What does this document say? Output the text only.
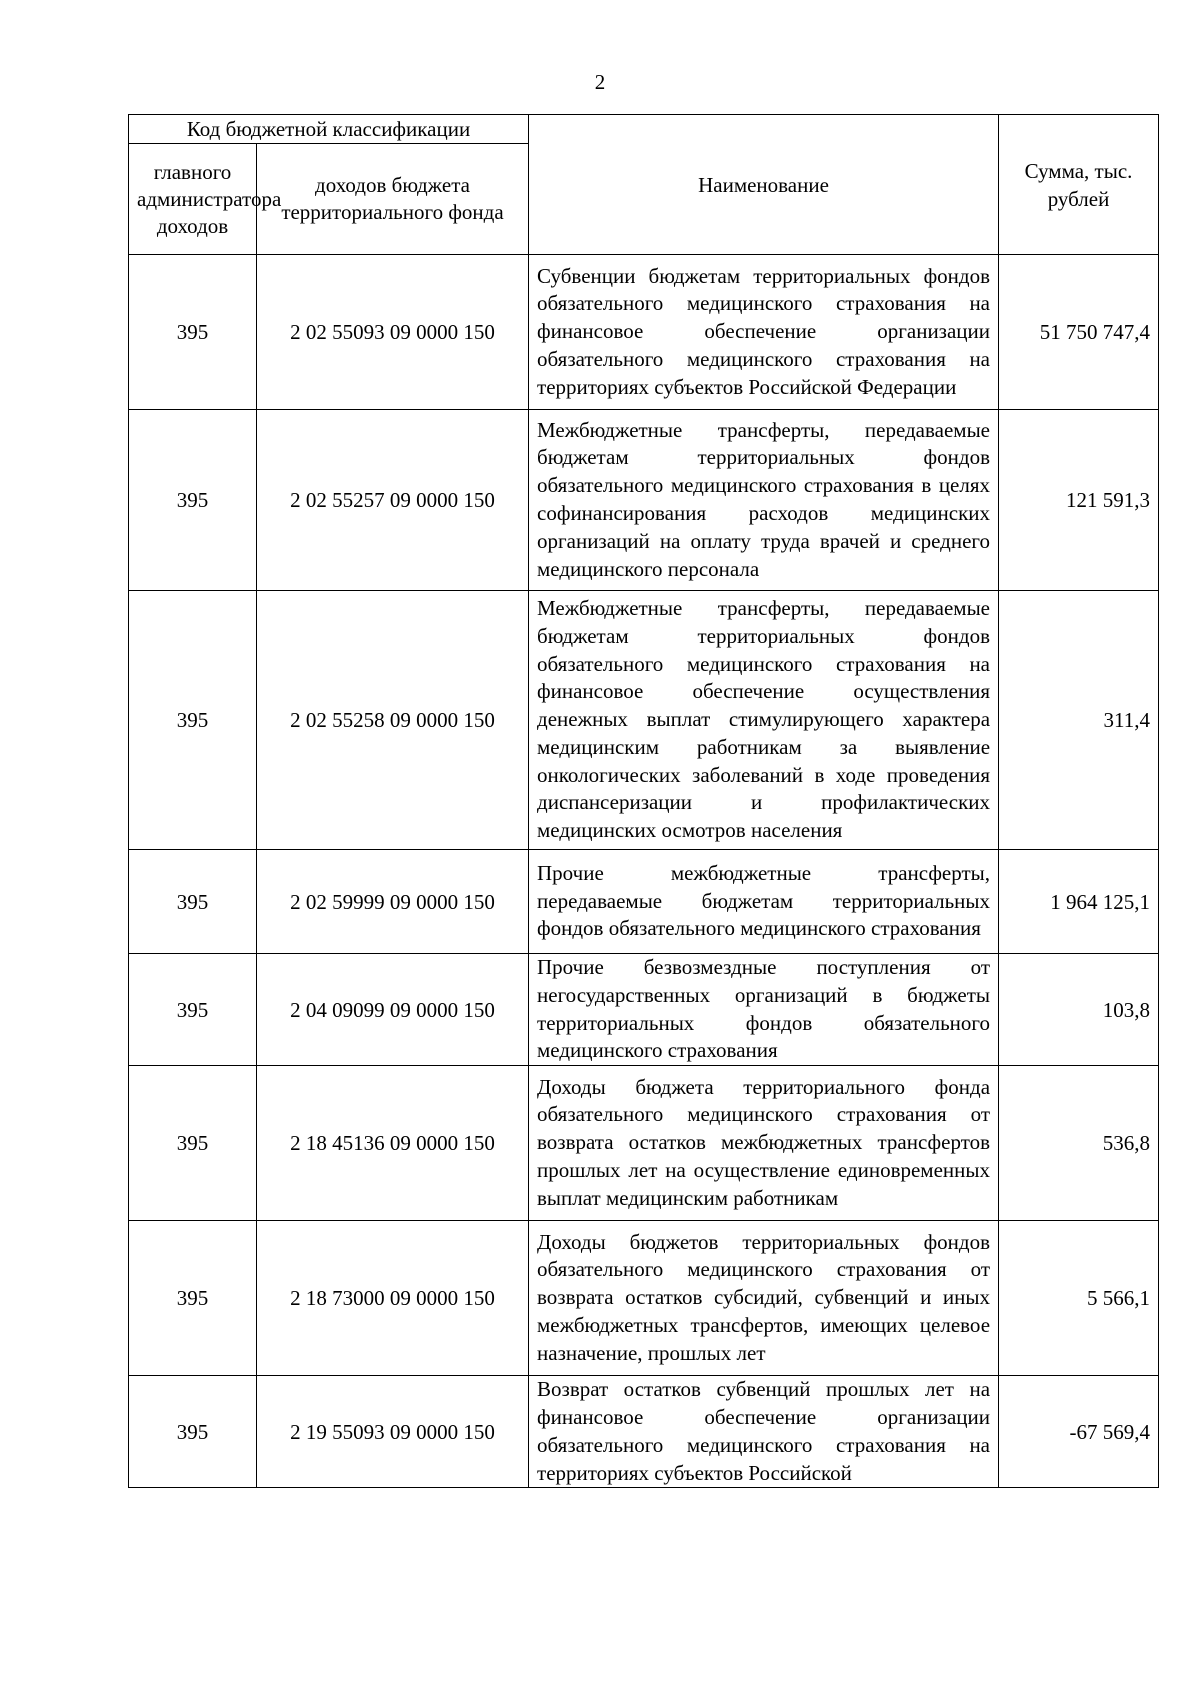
2
Код бюджетной классификации		Наименование	Сумма, тыс. рублей
главного администратора доходов	доходов бюджета территориального фонда		
395	2 02 55093 09 0000 150	Субвенции бюджетам территориальных фондов обязательного медицинского страхования на финансовое обеспечение организации обязательного медицинского страхования на территориях субъектов Российской Федерации	51 750 747,4
395	2 02 55257 09 0000 150	Межбюджетные трансферты, передаваемые бюджетам территориальных фондов обязательного медицинского страхования в целях софинансирования расходов медицинских организаций на оплату труда врачей и среднего медицинского персонала	121 591,3
395	2 02 55258 09 0000 150	Межбюджетные трансферты, передаваемые бюджетам территориальных фондов обязательного медицинского страхования на финансовое обеспечение осуществления денежных выплат стимулирующего характера медицинским работникам за выявление онкологических заболеваний в ходе проведения диспансеризации и профилактических медицинских осмотров населения	311,4
395	2 02 59999 09 0000 150	Прочие межбюджетные трансферты, передаваемые бюджетам территориальных фондов обязательного медицинского страхования	1 964 125,1
395	2 04 09099 09 0000 150	Прочие безвозмездные поступления от негосударственных организаций в бюджеты территориальных фондов обязательного медицинского страхования	103,8
395	2 18 45136 09 0000 150	Доходы бюджета территориального фонда обязательного медицинского страхования от возврата остатков межбюджетных трансфертов прошлых лет на осуществление единовременных выплат медицинским работникам	536,8
395	2 18 73000 09 0000 150	Доходы бюджетов территориальных фондов обязательного медицинского страхования от возврата остатков субсидий, субвенций и иных межбюджетных трансфертов, имеющих целевое назначение, прошлых лет	5 566,1
395	2 19 55093 09 0000 150	Возврат остатков субвенций прошлых лет на финансовое обеспечение организации обязательного медицинского страхования на территориях субъектов Российской	-67 569,4
